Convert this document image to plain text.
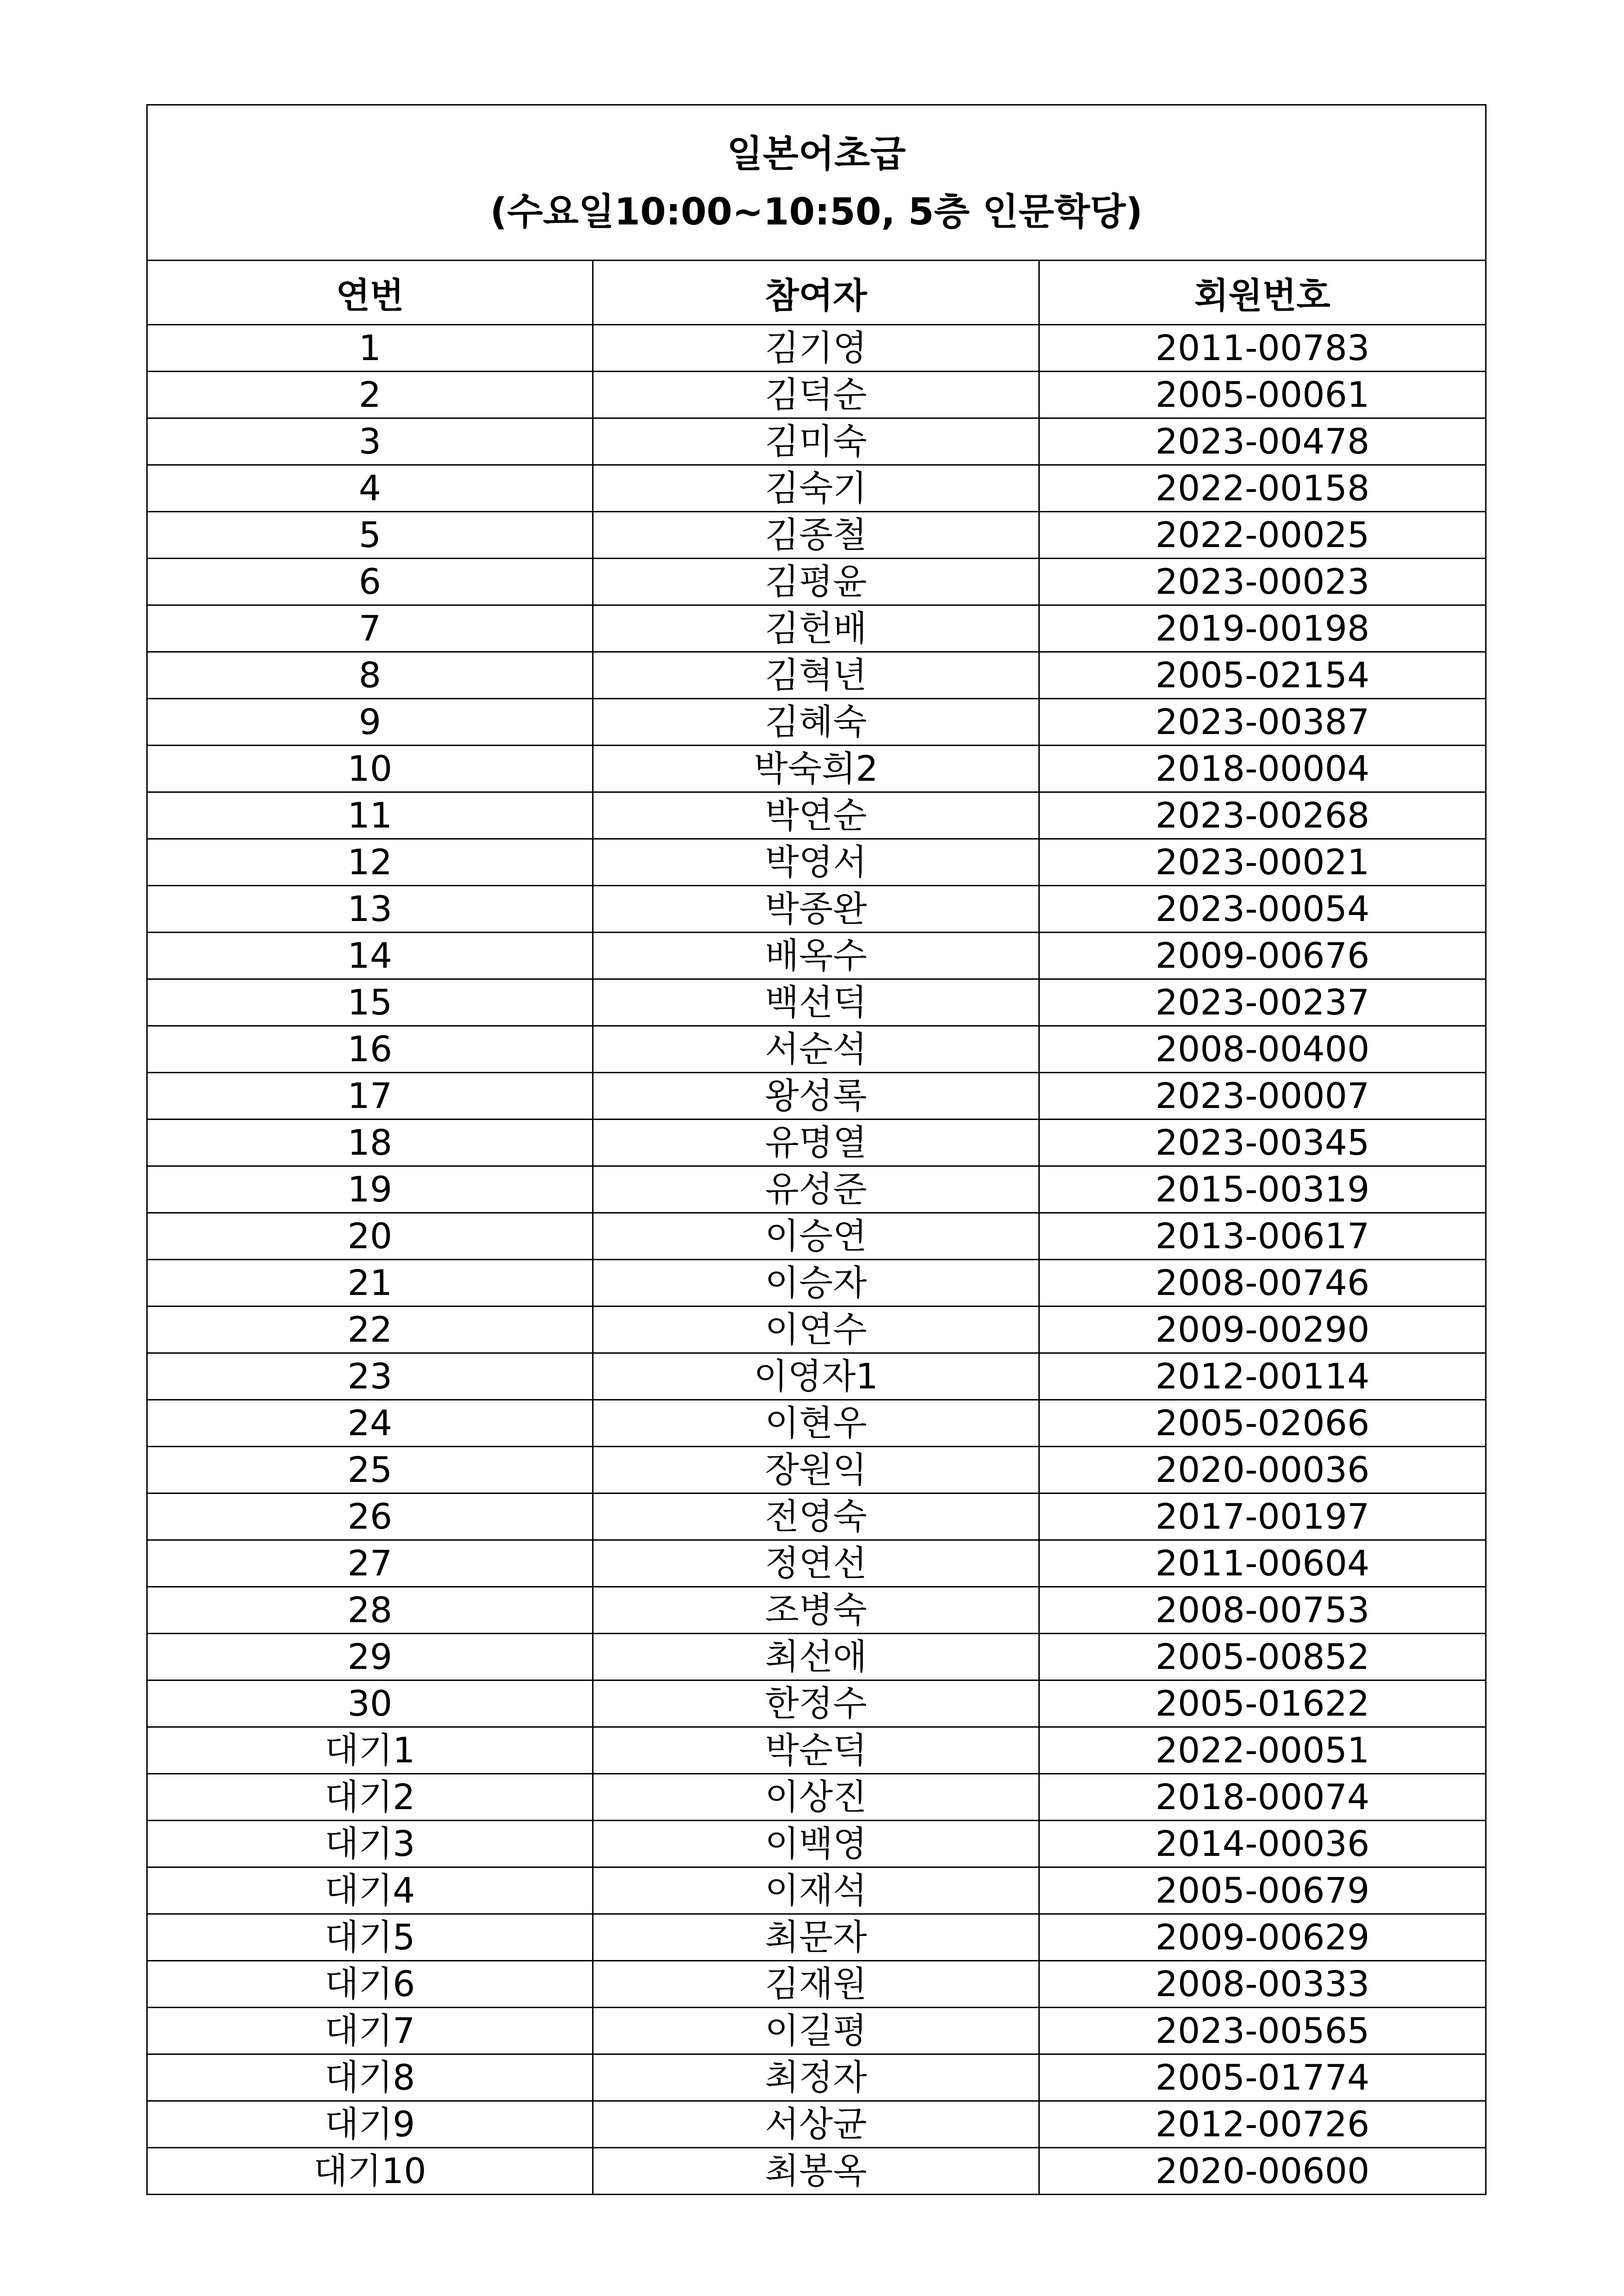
일본어초급
(수요일10:00~10:50, 5층 인문학당)		

연번	참여자	회원번호
1	김기영	2011-00783
2	김덕순	2005-00061
3	김미숙	2023-00478
4	김숙기	2022-00158
5	김종철	2022-00025
6	김평윤	2023-00023
7	김헌배	2019-00198
8	김혁년	2005-02154
9	김혜숙	2023-00387
10	박숙희2	2018-00004
11	박연순	2023-00268
12	박영서	2023-00021
13	박종완	2023-00054
14	배옥수	2009-00676
15	백선덕	2023-00237
16	서순석	2008-00400
17	왕성록	2023-00007
18	유명열	2023-00345
19	유성준	2015-00319
20	이승연	2013-00617
21	이승자	2008-00746
22	이연수	2009-00290
23	이영자1	2012-00114
24	이현우	2005-02066
25	장원익	2020-00036
26	전영숙	2017-00197
27	정연선	2011-00604
28	조병숙	2008-00753
29	최선애	2005-00852
30	한정수	2005-01622
대기1	박순덕	2022-00051
대기2	이상진	2018-00074
대기3	이백영	2014-00036
대기4	이재석	2005-00679
대기5	최문자	2009-00629
대기6	김재원	2008-00333
대기7	이길평	2023-00565
대기8	최정자	2005-01774
대기9	서상균	2012-00726
대기10	최봉옥	2020-00600
